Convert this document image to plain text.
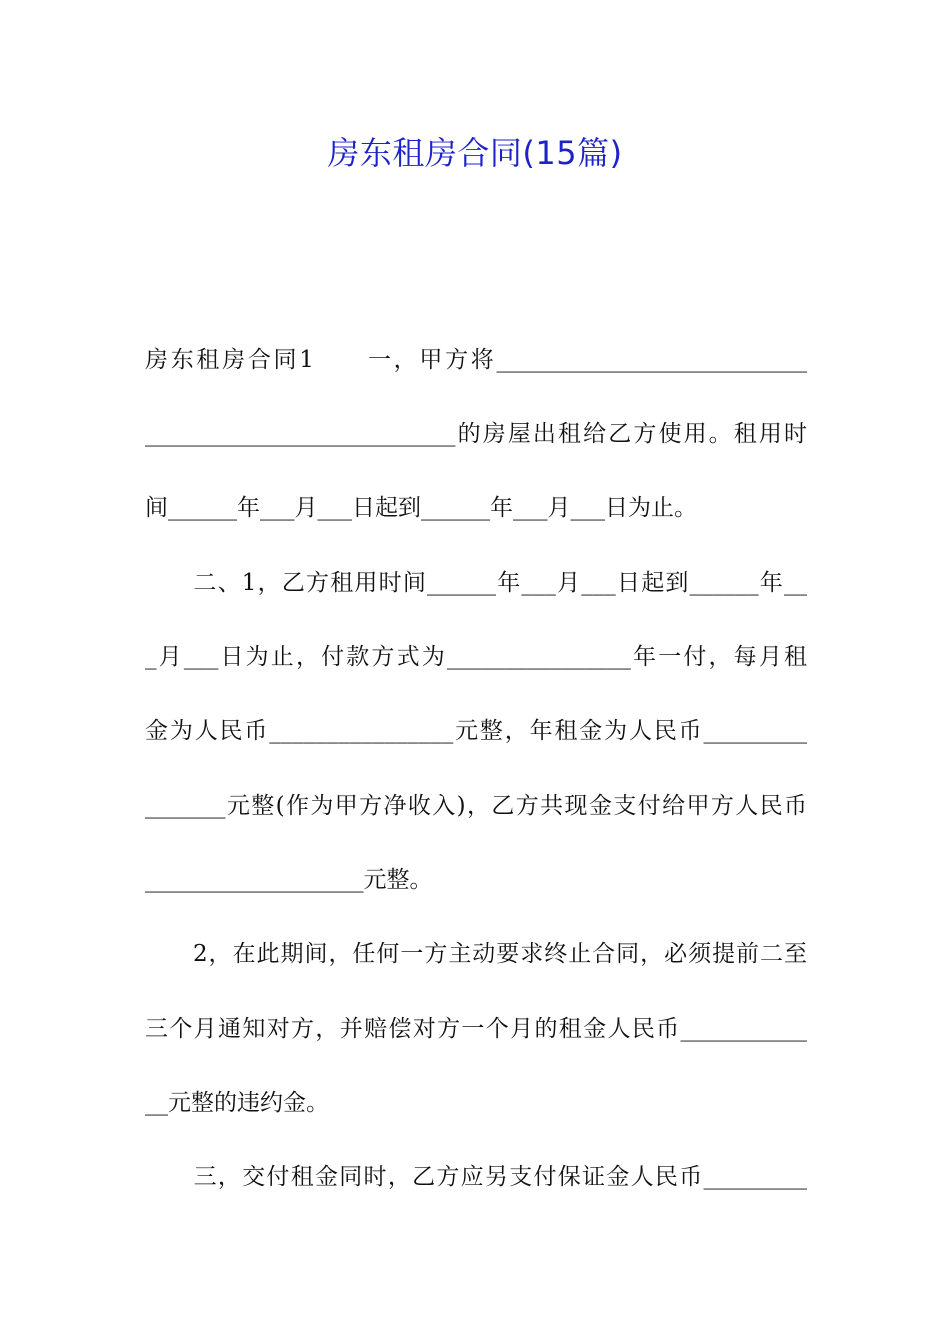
房东租房合同(15篇)
房东租房合同1　　一，甲方将___________________________
___________________________的房屋出租给乙方使用。租用时
间______年___月___日起到______年___月___日为止。
　　二、1，乙方租用时间______年___月___日起到______年__
_月___日为止，付款方式为________________年一付，每月租
金为人民币________________元整，年租金为人民币_________
_______元整(作为甲方净收入)，乙方共现金支付给甲方人民币
___________________元整。
　　2，在此期间，任何一方主动要求终止合同，必须提前二至
三个月通知对方，并赔偿对方一个月的租金人民币___________
__元整的违约金。
　　三，交付租金同时，乙方应另支付保证金人民币_________
